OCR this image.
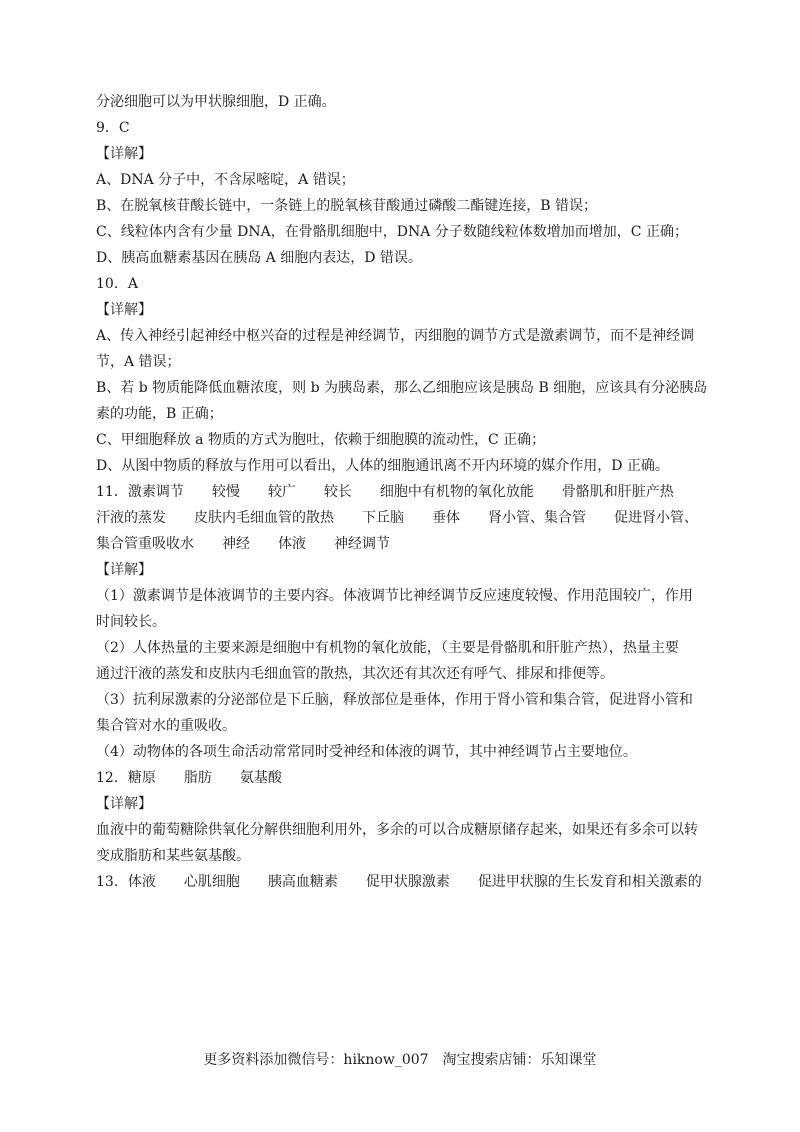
分泌细胞可以为甲状腺细胞，D 正确。
9．C
【详解】
A、DNA 分子中，不含尿嘧啶，A 错误；
B、在脱氧核苷酸长链中，一条链上的脱氧核苷酸通过磷酸二酯键连接，B 错误；
C、线粒体内含有少量 DNA，在骨骼肌细胞中，DNA 分子数随线粒体数增加而增加，C 正确；
D、胰高血糖素基因在胰岛 A 细胞内表达，D 错误。
10．A
【详解】
A、传入神经引起神经中枢兴奋的过程是神经调节，丙细胞的调节方式是激素调节，而不是神经调
节，A 错误；
B、若 b 物质能降低血糖浓度，则 b 为胰岛素，那么乙细胞应该是胰岛 B 细胞，应该具有分泌胰岛
素的功能，B 正确；
C、甲细胞释放 a 物质的方式为胞吐，依赖于细胞膜的流动性，C 正确；
D、从图中物质的释放与作用可以看出，人体的细胞通讯离不开内环境的媒介作用，D 正确。
11．激素调节　　较慢　　较广　　较长　　细胞中有机物的氧化放能　　骨骼肌和肝脏产热
汗液的蒸发　　皮肤内毛细血管的散热　　下丘脑　　垂体　　肾小管、集合管　　促进肾小管、
集合管重吸收水　　神经　　体液　　神经调节
【详解】
（1）激素调节是体液调节的主要内容。体液调节比神经调节反应速度较慢、作用范围较广，作用
时间较长。
（2）人体热量的主要来源是细胞中有机物的氧化放能，（主要是骨骼肌和肝脏产热），热量主要
通过汗液的蒸发和皮肤内毛细血管的散热，其次还有其次还有呼气、排尿和排便等。
（3）抗利尿激素的分泌部位是下丘脑，释放部位是垂体，作用于肾小管和集合管，促进肾小管和
集合管对水的重吸收。
（4）动物体的各项生命活动常常同时受神经和体液的调节，其中神经调节占主要地位。
12．糖原　　脂肪　　氨基酸
【详解】
血液中的葡萄糖除供氧化分解供细胞利用外，多余的可以合成糖原储存起来，如果还有多余可以转
变成脂肪和某些氨基酸。
13．体液　　心肌细胞　　胰高血糖素　　促甲状腺激素　　促进甲状腺的生长发育和相关激素的
更多资料添加微信号：hiknow_007　淘宝搜索店铺：乐知课堂
